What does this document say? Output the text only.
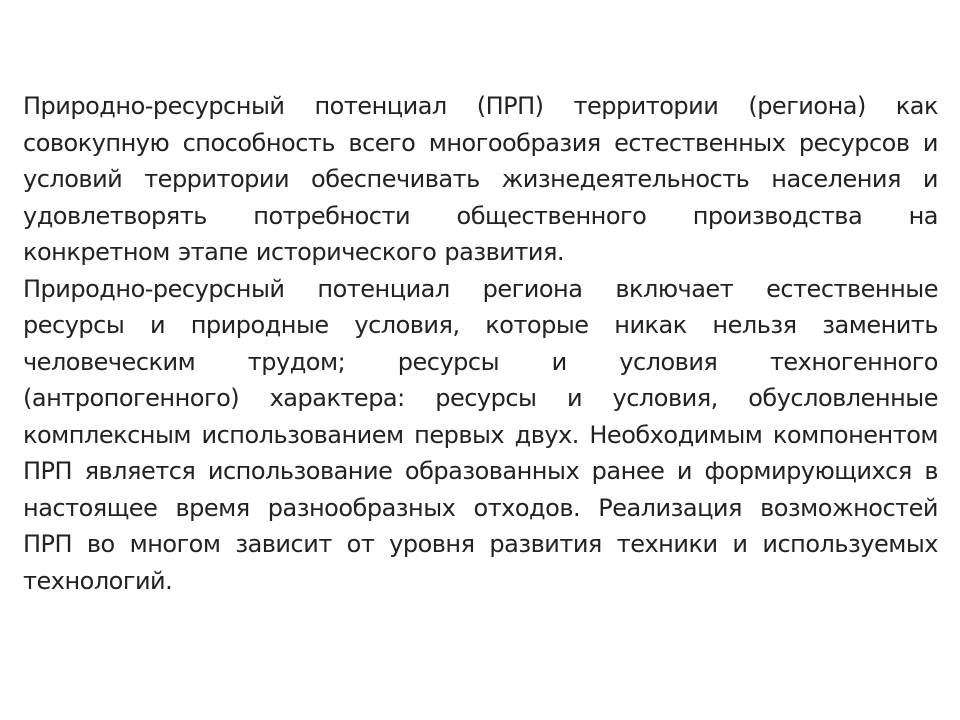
Природно-ресурсный потенциал (ПРП) территории (региона) как совокупную способность всего многообразия естественных ресурсов и условий территории обеспечивать жизнедеятельность населения и удовлетворять потребности общественного производства на конкретном этапе исторического развития.

Природно-ресурсный потенциал региона включает естественные ресурсы и природные условия, которые никак нельзя заменить человеческим трудом; ресурсы и условия техногенного (антропогенного) характера: ресурсы и условия, обусловленные комплексным использованием первых двух. Необходимым компонентом ПРП является использование образованных ранее и формирующихся в настоящее время разнообразных отходов. Реализация возможностей ПРП во многом зависит от уровня развития техники и используемых технологий.
